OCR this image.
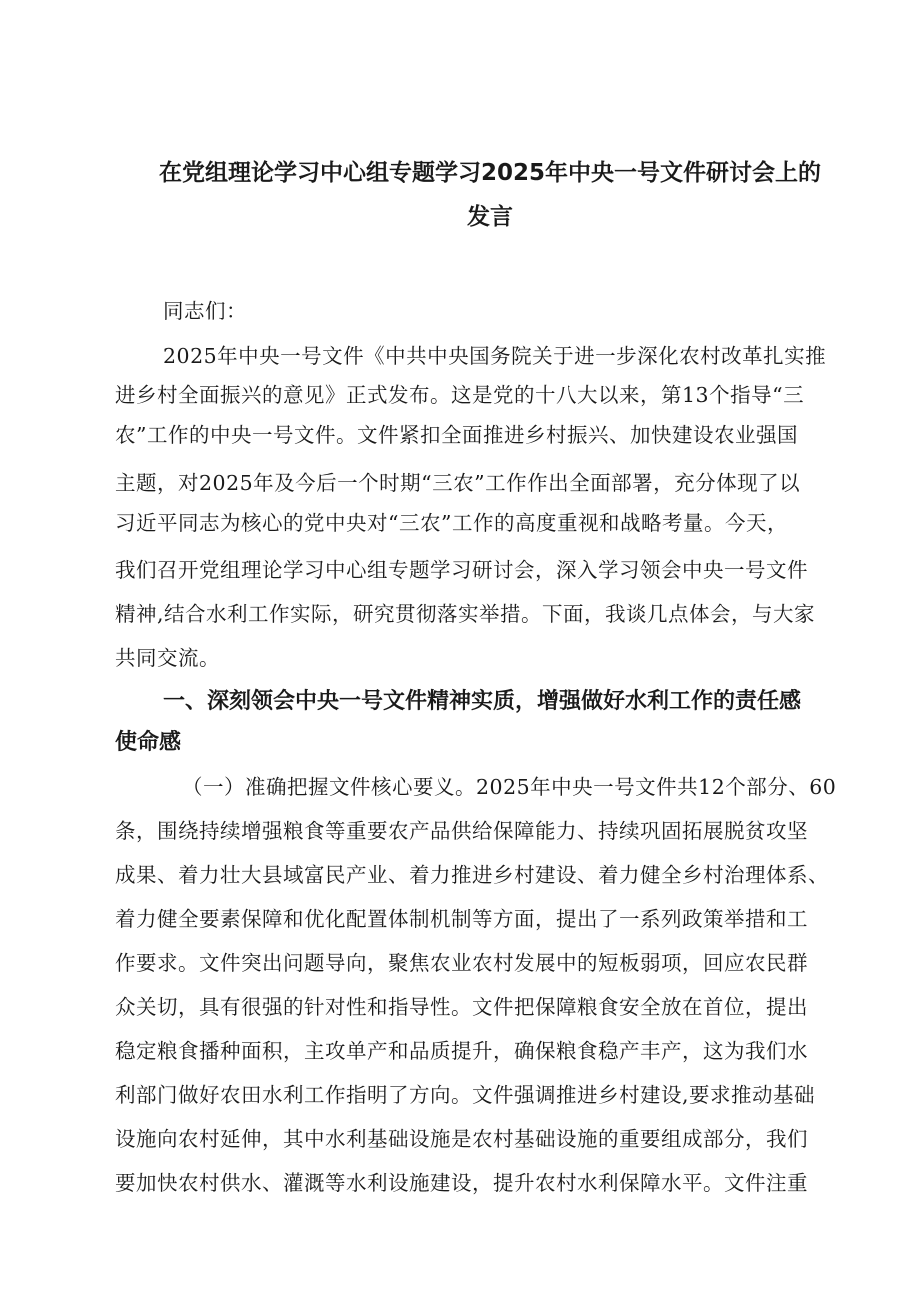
在党组理论学习中心组专题学习2025年中央一号文件研讨会上的
发言
同志们：
2025年中央一号文件《中共中央国务院关于进一步深化农村改革扎实推
进乡村全面振兴的意见》正式发布。这是党的十八大以来，第13个指导“三
农”工作的中央一号文件。文件紧扣全面推进乡村振兴、加快建设农业强国
主题，对2025年及今后一个时期“三农”工作作出全面部署，充分体现了以
习近平同志为核心的党中央对“三农”工作的高度重视和战略考量。今天，
我们召开党组理论学习中心组专题学习研讨会，深入学习领会中央一号文件
精神,结合水利工作实际，研究贯彻落实举措。下面，我谈几点体会，与大家
共同交流。
一、深刻领会中央一号文件精神实质，增强做好水利工作的责任感
使命感
（一）准确把握文件核心要义。2025年中央一号文件共12个部分、60
条，围绕持续增强粮食等重要农产品供给保障能力、持续巩固拓展脱贫攻坚
成果、着力壮大县域富民产业、着力推进乡村建设、着力健全乡村治理体系、
着力健全要素保障和优化配置体制机制等方面，提出了一系列政策举措和工
作要求。文件突出问题导向，聚焦农业农村发展中的短板弱项，回应农民群
众关切，具有很强的针对性和指导性。文件把保障粮食安全放在首位，提出
稳定粮食播种面积，主攻单产和品质提升，确保粮食稳产丰产，这为我们水
利部门做好农田水利工作指明了方向。文件强调推进乡村建设,要求推动基础
设施向农村延伸，其中水利基础设施是农村基础设施的重要组成部分，我们
要加快农村供水、灌溉等水利设施建设，提升农村水利保障水平。文件注重
